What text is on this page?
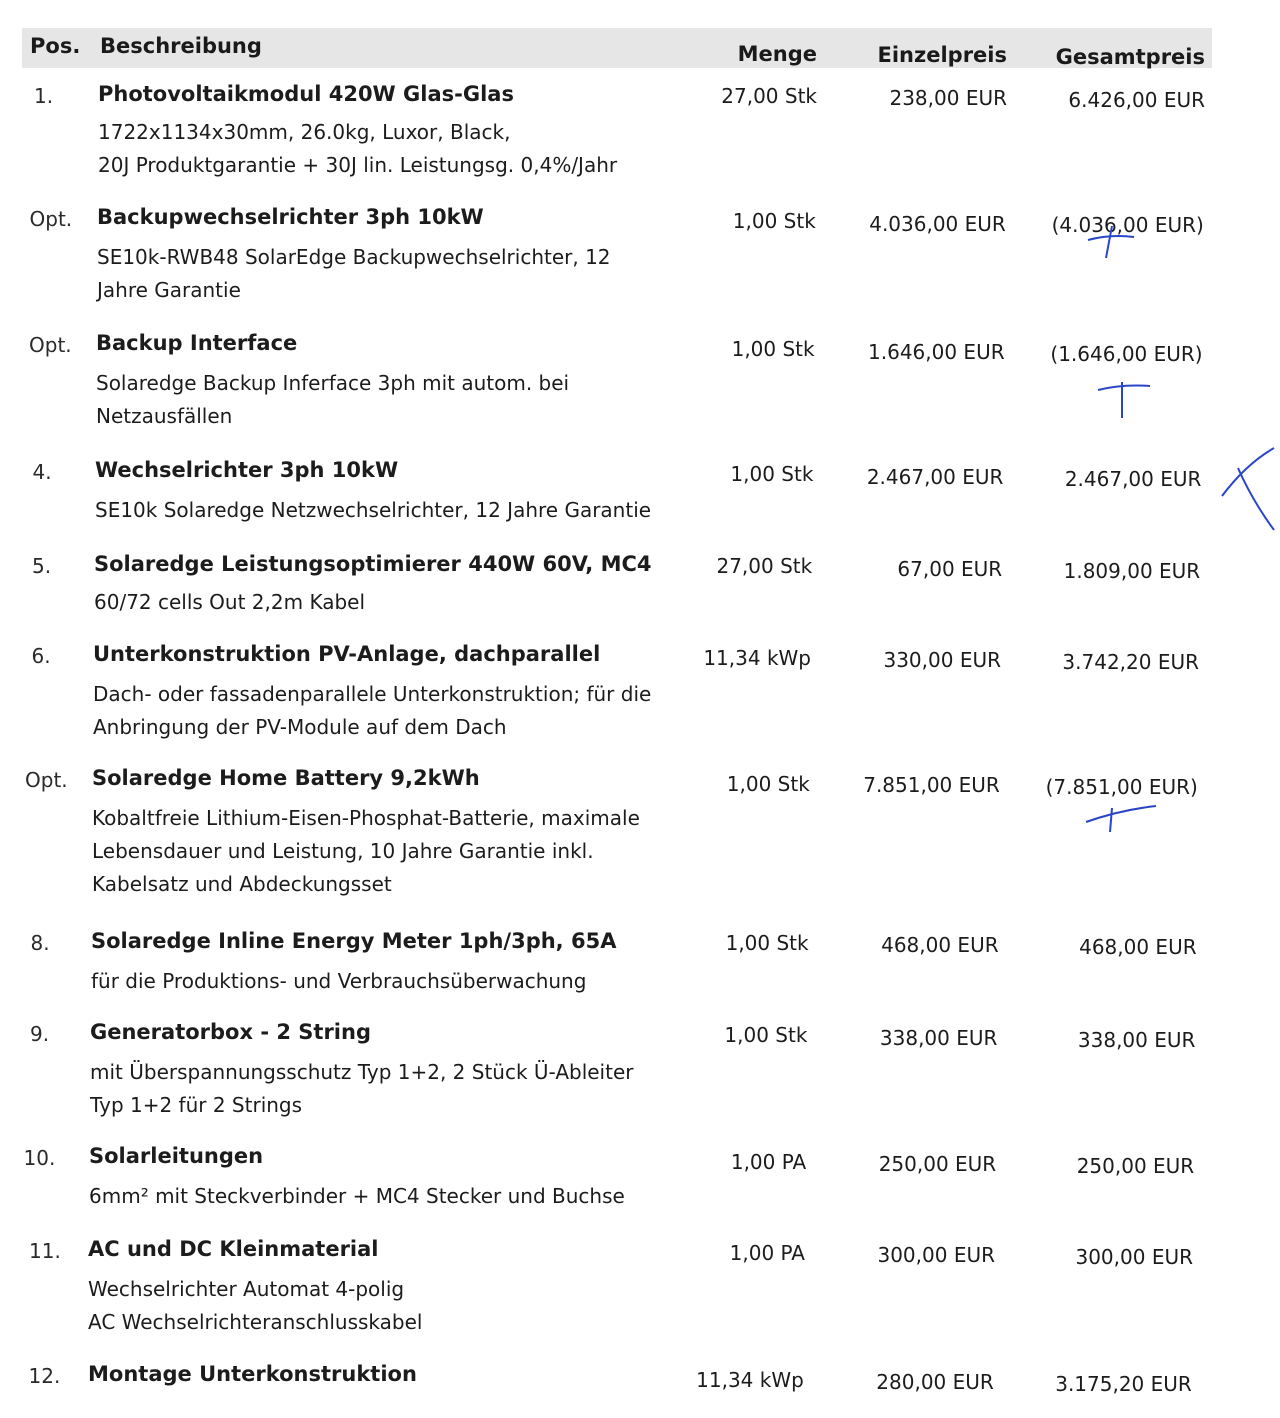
Pos. Beschreibung	Menge	Einzelpreis Gesamtpreis
1. Photovoltaikmodul 420W Glas-Glas
1722x1134x30mm, 26.0kg, Luxor, Black,
20J Produktgarantie + 30J lin. Leistungsg. 0,4%/Jahr
27,00 Stk	238,00 EUR	6.426,00 EUR
Opt. Backupwechselrichter 3ph 10kW
SE10k-RWB48 SolarEdge Backupwechselrichter, 12
Jahre Garantie
1,00 Stk	4.036,00 EUR (4.036,00 EUR)
Opt. Backup Interface
Solaredge Backup Inferface 3ph mit autom. bei
Netzausfällen
1,00 Stk	1.646,00 EUR (1.646,00 EUR)
4. Wechselrichter 3ph 10kW
SE10k Solaredge Netzwechselrichter, 12 Jahre Garantie
1,00 Stk	2.467,00 EUR	2.467,00 EUR
5. Solaredge Leistungsoptimierer 440W 60V, MC4
60/72 cells Out 2,2m Kabel
27,00 Stk	67,00 EUR	1.809,00 EUR
6. Unterkonstruktion PV-Anlage, dachparallel
Dach- oder fassadenparallele Unterkonstruktion; für die
Anbringung der PV-Module auf dem Dach
11,34 kWp	330,00 EUR	3.742,20 EUR
Opt. Solaredge Home Battery 9,2kWh
Kobaltfreie Lithium-Eisen-Phosphat-Batterie, maximale
Lebensdauer und Leistung, 10 Jahre Garantie inkl.
Kabelsatz und Abdeckungsset
1,00 Stk	7.851,00 EUR (7.851,00 EUR)
8. Solaredge Inline Energy Meter 1ph/3ph, 65A
für die Produktions- und Verbrauchsüberwachung
1,00 Stk	468,00 EUR	468,00 EUR
9. Generatorbox - 2 String
mit Überspannungsschutz Typ 1+2, 2 Stück Ü-Ableiter
Typ 1+2 für 2 Strings
1,00 Stk	338,00 EUR	338,00 EUR
10. Solarleitungen
6mm² mit Steckverbinder + MC4 Stecker und Buchse
1,00 PA	250,00 EUR	250,00 EUR
11. AC und DC Kleinmaterial
Wechselrichter Automat 4-polig
AC Wechselrichteranschlusskabel
1,00 PA	300,00 EUR	300,00 EUR
12. Montage Unterkonstruktion	11,34 kWp	280,00 EUR	3.175,20 EUR
